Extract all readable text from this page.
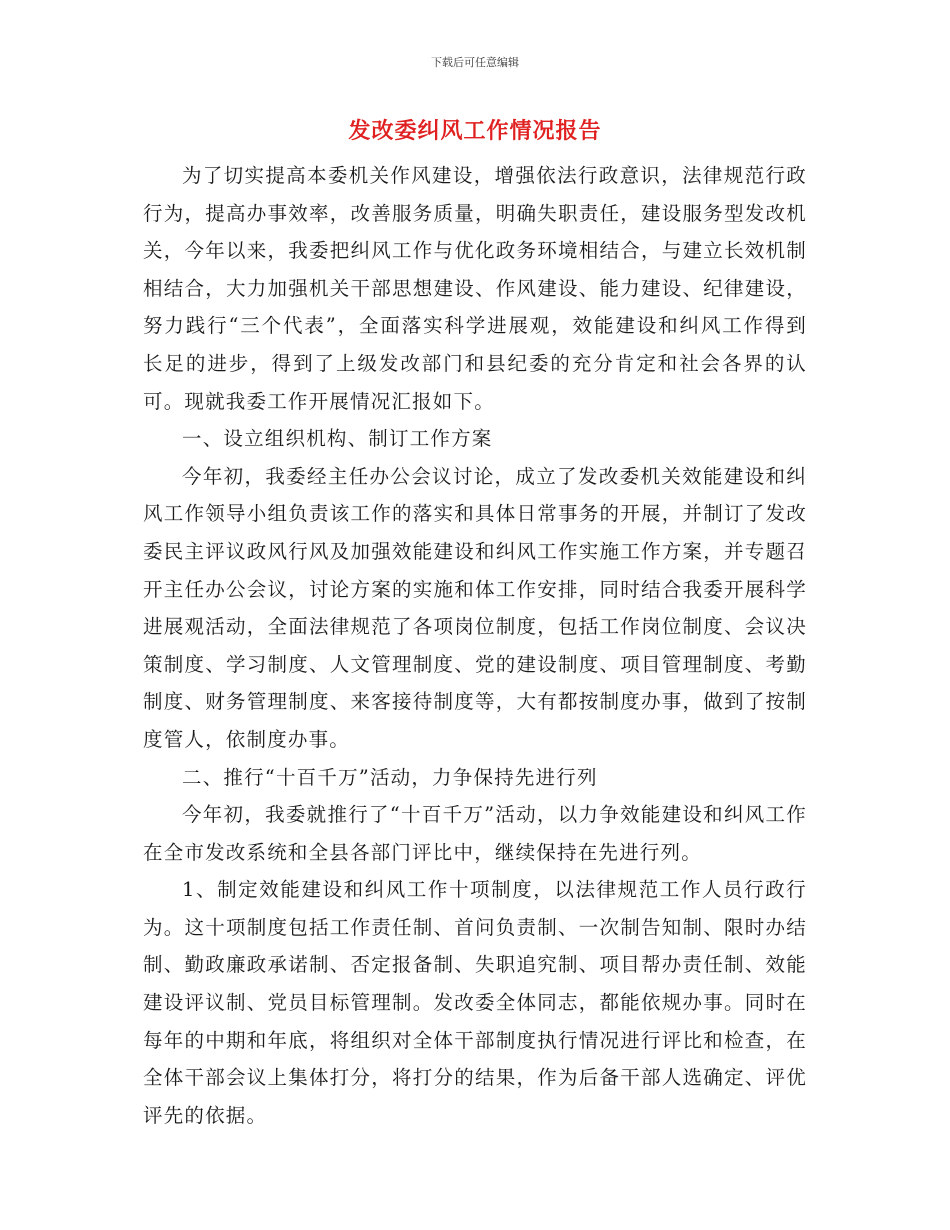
下载后可任意编辑
发改委纠风工作情况报告

为了切实提高本委机关作风建设，增强依法行政意识，法律规范行政行为，提高办事效率，改善服务质量，明确失职责任，建设服务型发改机关，今年以来，我委把纠风工作与优化政务环境相结合，与建立长效机制相结合，大力加强机关干部思想建设、作风建设、能力建设、纪律建设，努力践行“三个代表”，全面落实科学进展观，效能建设和纠风工作得到长足的进步，得到了上级发改部门和县纪委的充分肯定和社会各界的认可。现就我委工作开展情况汇报如下。

一、设立组织机构、制订工作方案

今年初，我委经主任办公会议讨论，成立了发改委机关效能建设和纠风工作领导小组负责该工作的落实和具体日常事务的开展，并制订了发改委民主评议政风行风及加强效能建设和纠风工作实施工作方案，并专题召开主任办公会议，讨论方案的实施和体工作安排，同时结合我委开展科学进展观活动，全面法律规范了各项岗位制度，包括工作岗位制度、会议决策制度、学习制度、人文管理制度、党的建设制度、项目管理制度、考勤制度、财务管理制度、来客接待制度等，大有都按制度办事，做到了按制度管人，依制度办事。

二、推行“十百千万”活动，力争保持先进行列

今年初，我委就推行了“十百千万”活动，以力争效能建设和纠风工作在全市发改系统和全县各部门评比中，继续保持在先进行列。

1、制定效能建设和纠风工作十项制度，以法律规范工作人员行政行为。这十项制度包括工作责任制、首问负责制、一次制告知制、限时办结制、勤政廉政承诺制、否定报备制、失职追究制、项目帮办责任制、效能建设评议制、党员目标管理制。发改委全体同志，都能依规办事。同时在每年的中期和年底，将组织对全体干部制度执行情况进行评比和检查，在全体干部会议上集体打分，将打分的结果，作为后备干部人选确定、评优评先的依据。
